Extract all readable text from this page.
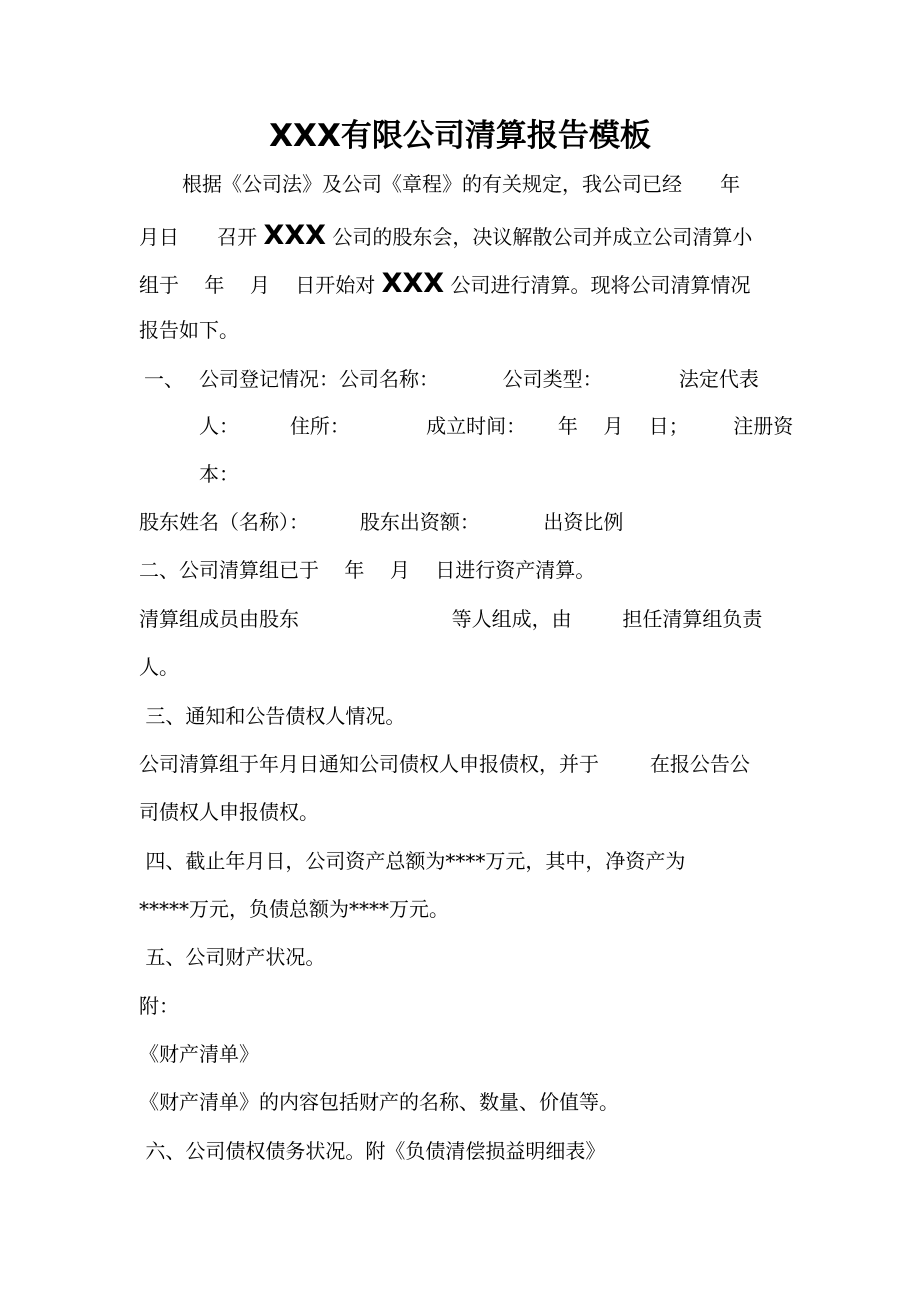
XXX有限公司清算报告模板
根据《公司法》及公司《章程》的有关规定，我公司已经      年
月日      召开 XXX 公司的股东会，决议解散公司并成立公司清算小
组于    年    月    日开始对 XXX 公司进行清算。现将公司清算情况
报告如下。
一、 公司登记情况：公司名称：          公司类型：            法定代表
人：        住所：            成立时间：     年    月    日；       注册资
本：
股东姓名（名称）：        股东出资额：          出资比例
二、公司清算组已于    年    月    日进行资产清算。
清算组成员由股东                        等人组成，由        担任清算组负责
人。
三、通知和公告债权人情况。
公司清算组于年月日通知公司债权人申报债权，并于        在报公告公
司债权人申报债权。
四、截止年月日，公司资产总额为****万元，其中，净资产为
*****万元，负债总额为****万元。
五、公司财产状况。
附：
《财产清单》
《财产清单》的内容包括财产的名称、数量、价值等。
六、公司债权债务状况。附《负债清偿损益明细表》
